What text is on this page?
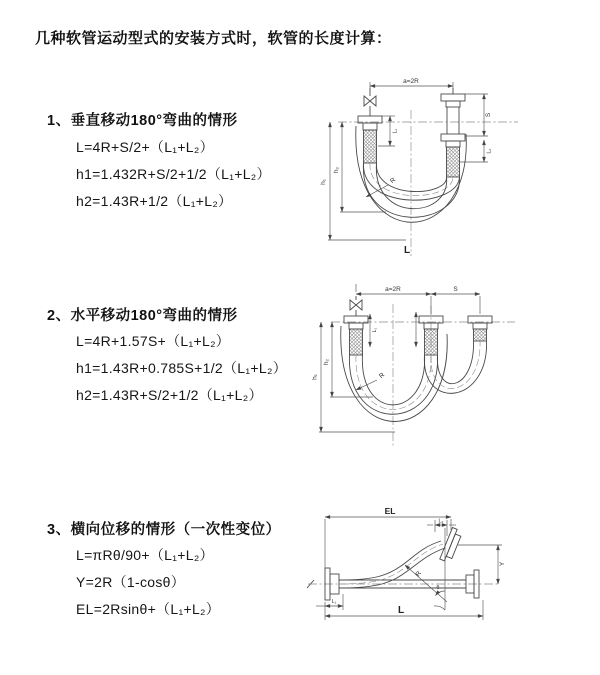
几种软管运动型式的安装方式时，软管的长度计算：
1、垂直移动180°弯曲的情形
L=4R+S/2+（L₁+L₂）
h1=1.432R+S/2+1/2（L₁+L₂）
h2=1.43R+1/2（L₁+L₂）
2、水平移动180°弯曲的情形
L=4R+1.57S+（L₁+L₂）
h1=1.43R+0.785S+1/2（L₁+L₂）
h2=1.43R+S/2+1/2（L₁+L₂）
3、横向位移的情形（一次性变位）
L=πRθ/90+（L₁+L₂）
Y=2R（1-cosθ）
EL=2Rsinθ+（L₁+L₂）
a=2R
h₁
h₂
L₁
S
L₂
R
L
a=2R	S
h₁
h₂
L₁
R
EL
L₂
Y
R
θ
L
L₁
